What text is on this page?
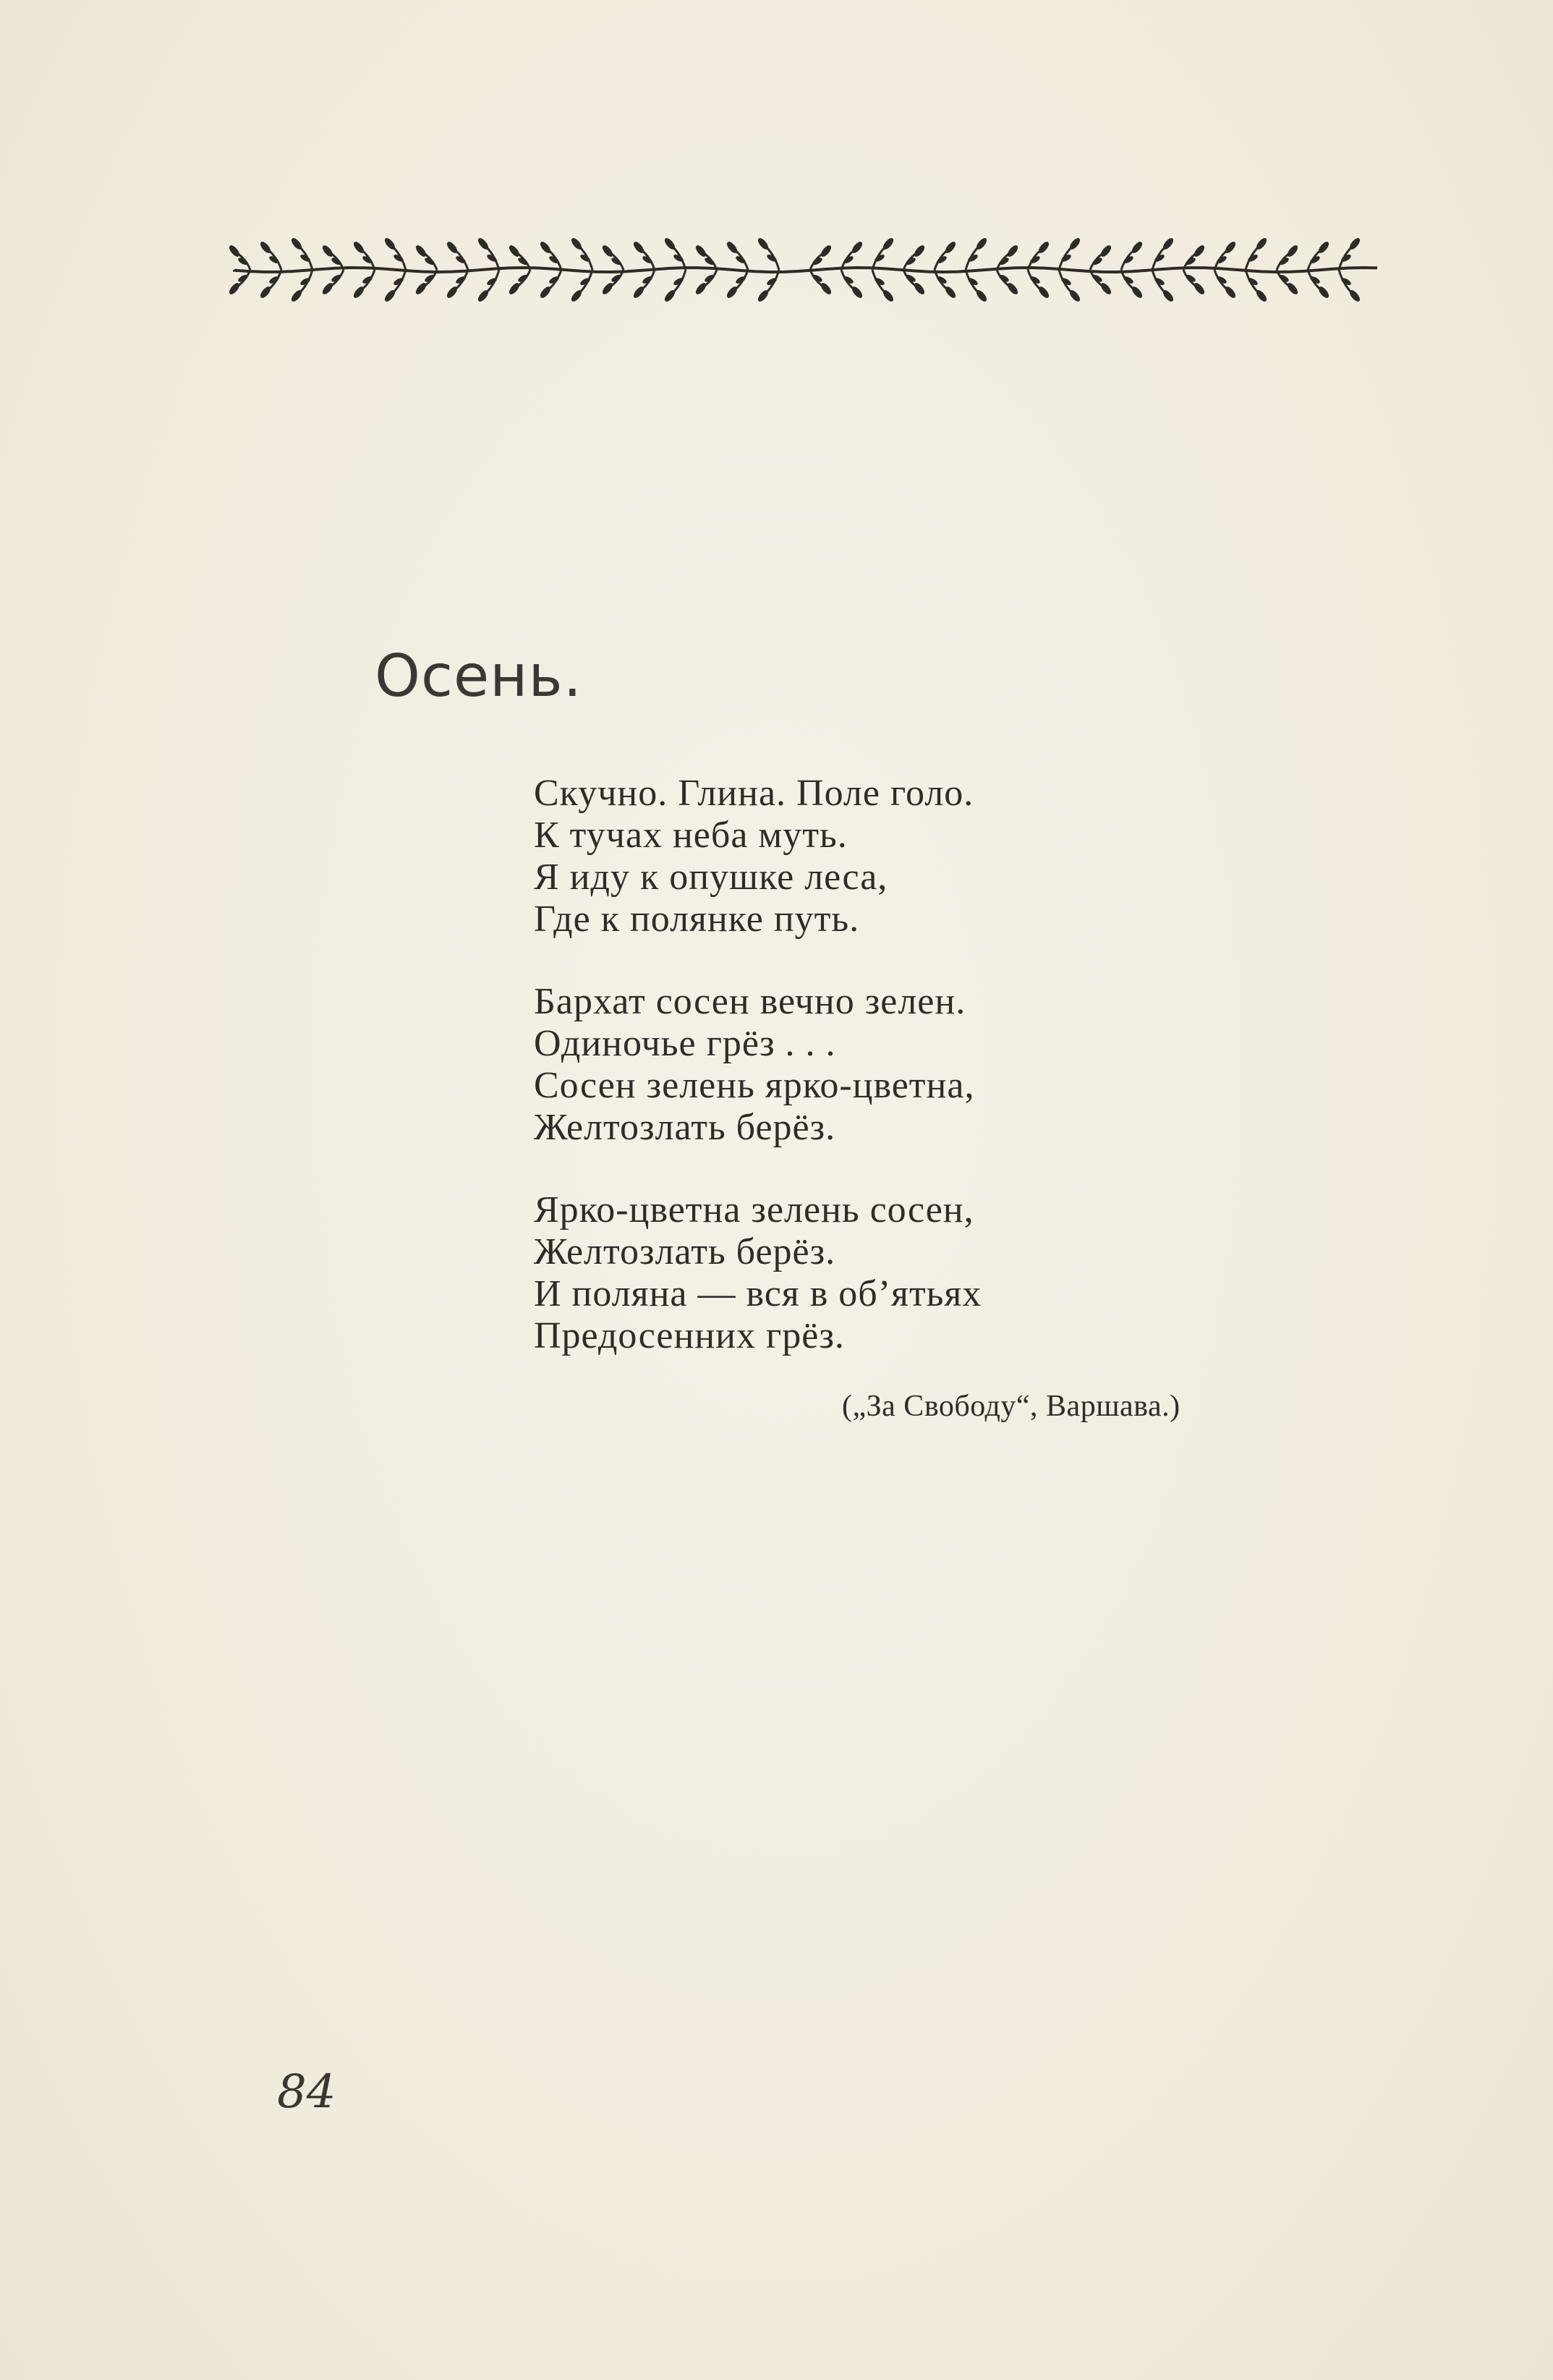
Осень.
Скучно. Глина. Поле голо.
К тучах неба муть.
Я иду к опушке леса,
Где к полянке путь.
Бархат сосен вечно зелен.
Одиночье грёз . . .
Сосен зелень ярко-цветна,
Желтозлать берёз.
Ярко-цветна зелень сосен,
Желтозлать берёз.
И поляна — вся в об’ятьях
Предосенних грёз.
(„За Свободу“, Варшава.)
84
